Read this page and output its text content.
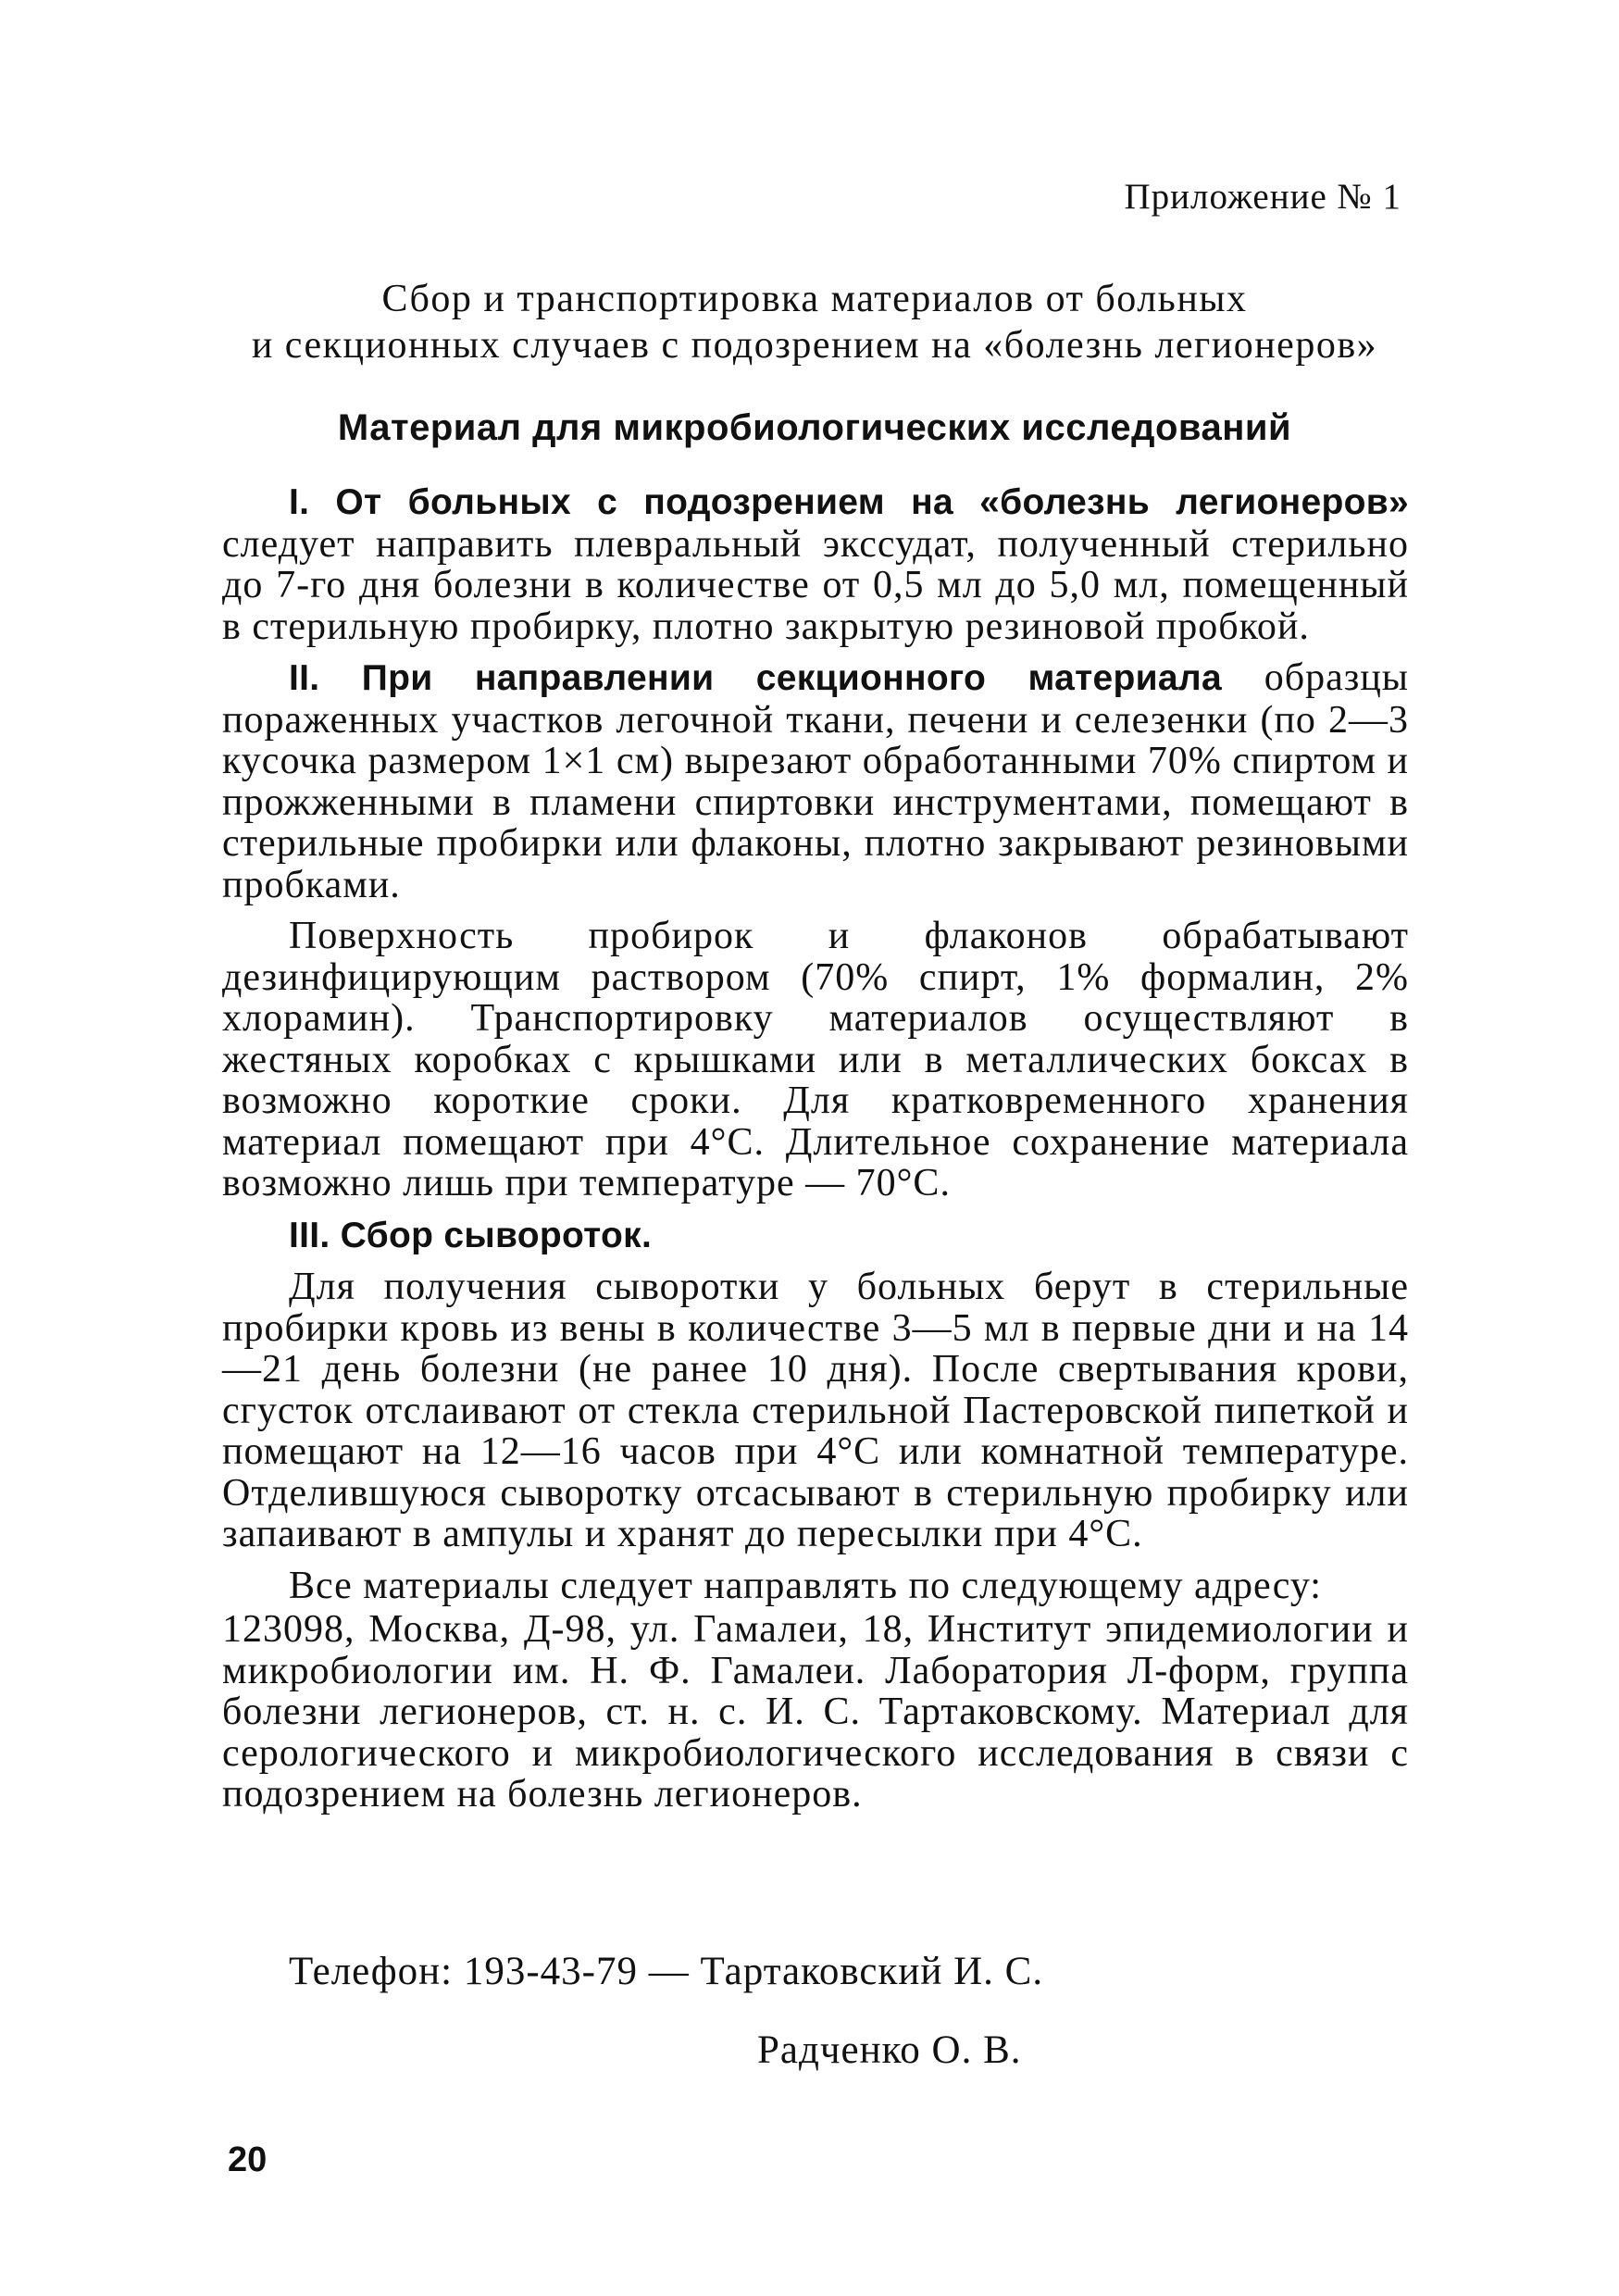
Приложение № 1
Сбор и транспортировка материалов от больных
и секционных случаев с подозрением на «болезнь легионеров»
Материал для микробиологических исследований

I. От больных с подозрением на «болезнь легионеров» следует направить плевральный экссудат, полученный стерильно до 7-го дня болезни в количестве от 0,5 мл до 5,0 мл, помещенный в стерильную пробирку, плотно закрытую резиновой пробкой.

II. При направлении секционного материала образцы пораженных участков легочной ткани, печени и селезенки (по 2—3 кусочка размером 1×1 см) вырезают обработанными 70% спиртом и прожженными в пламени спиртовки инструментами, помещают в стерильные пробирки или флаконы, плотно закрывают резиновыми пробками.

Поверхность пробирок и флаконов обрабатывают дезинфицирующим раствором (70% спирт, 1% формалин, 2% хлорамин). Транспортировку материалов осуществляют в жестяных коробках с крышками или в металлических боксах в возможно короткие сроки. Для кратковременного хранения материал помещают при 4°С. Длительное сохранение материала возможно лишь при температуре — 70°С.

III. Сбор сывороток.

Для получения сыворотки у больных берут в стерильные пробирки кровь из вены в количестве 3—5 мл в первые дни и на 14—21 день болезни (не ранее 10 дня). После свертывания крови, сгусток отслаивают от стекла стерильной Пастеровской пипеткой и помещают на 12—16 часов при 4°С или комнатной температуре. Отделившуюся сыворотку отсасывают в стерильную пробирку или запаивают в ампулы и хранят до пересылки при 4°С.

Все материалы следует направлять по следующему адресу:

123098, Москва, Д-98, ул. Гамалеи, 18, Институт эпидемиологии и микробиологии им. Н. Ф. Гамалеи. Лаборатория Л-форм, группа болезни легионеров, ст. н. с. И. С. Тартаковскому. Материал для серологического и микробиологического исследования в связи с подозрением на болезнь легионеров.

Телефон: 193-43-79 — Тартаковский И. С.
Радченко О. В.
20
